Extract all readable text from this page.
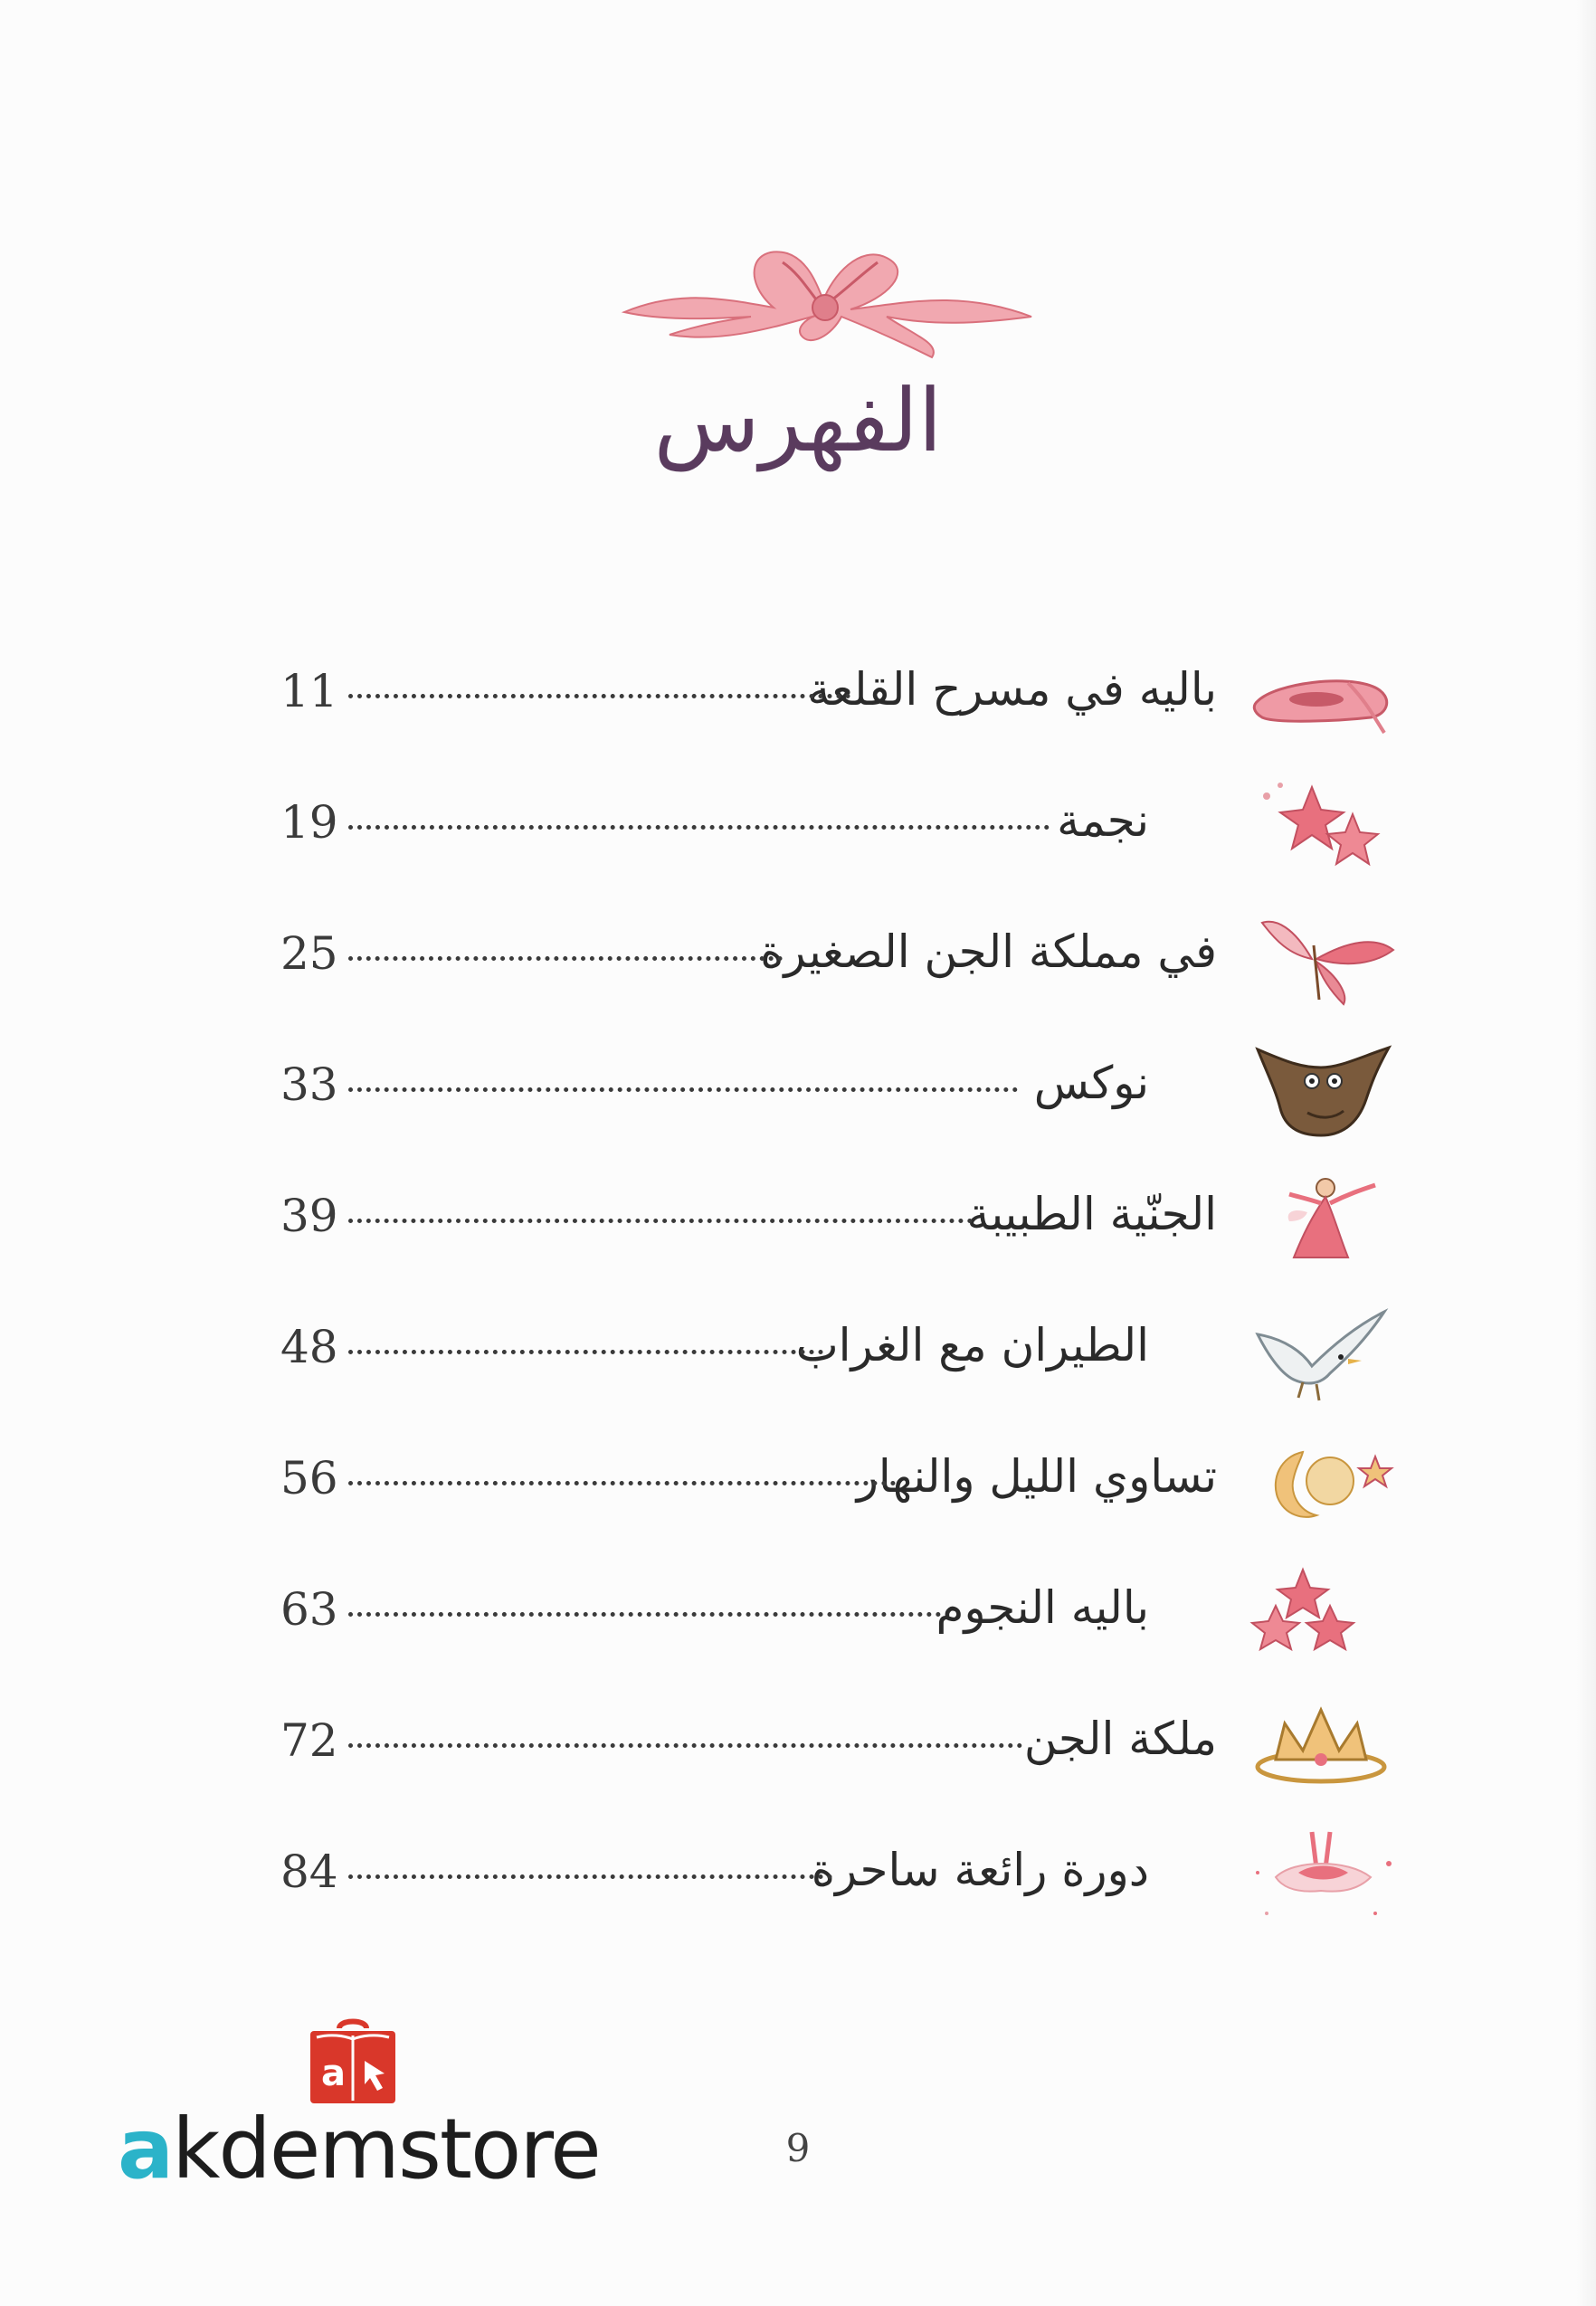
الفهرس
باليه في مسرح القلعة
11
نجمة
19
في مملكة الجن الصغيرة
25
نوكس
33
الجنّية الطبيبة
39
الطيران مع الغراب
48
تساوي الليل والنهار
56
باليه النجوم
63
ملكة الجن
72
دورة رائعة ساحرة
84
9
a
akdemstore
